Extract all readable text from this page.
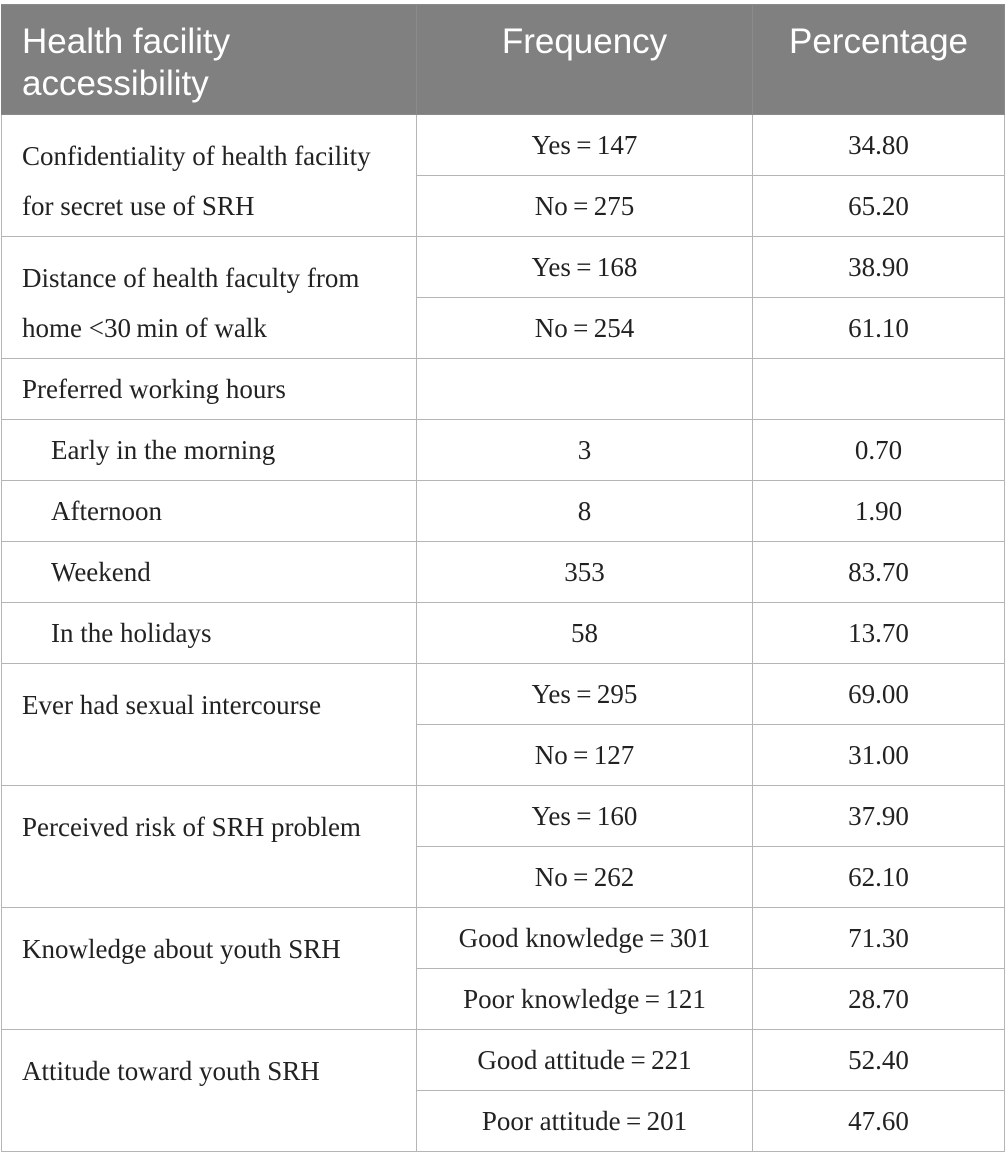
Health facility accessibility	Frequency	Percentage
Confidentiality of health facility for secret use of SRH	Yes = 147	34.80
	No = 275	65.20
Distance of health faculty from home <30 min of walk	Yes = 168	38.90
	No = 254	61.10
Preferred working hours		
Early in the morning	3	0.70
Afternoon	8	1.90
Weekend	353	83.70
In the holidays	58	13.70
Ever had sexual intercourse	Yes = 295	69.00
	No = 127	31.00
Perceived risk of SRH problem	Yes = 160	37.90
	No = 262	62.10
Knowledge about youth SRH	Good knowledge = 301	71.30
	Poor knowledge = 121	28.70
Attitude toward youth SRH	Good attitude = 221	52.40
	Poor attitude = 201	47.60
